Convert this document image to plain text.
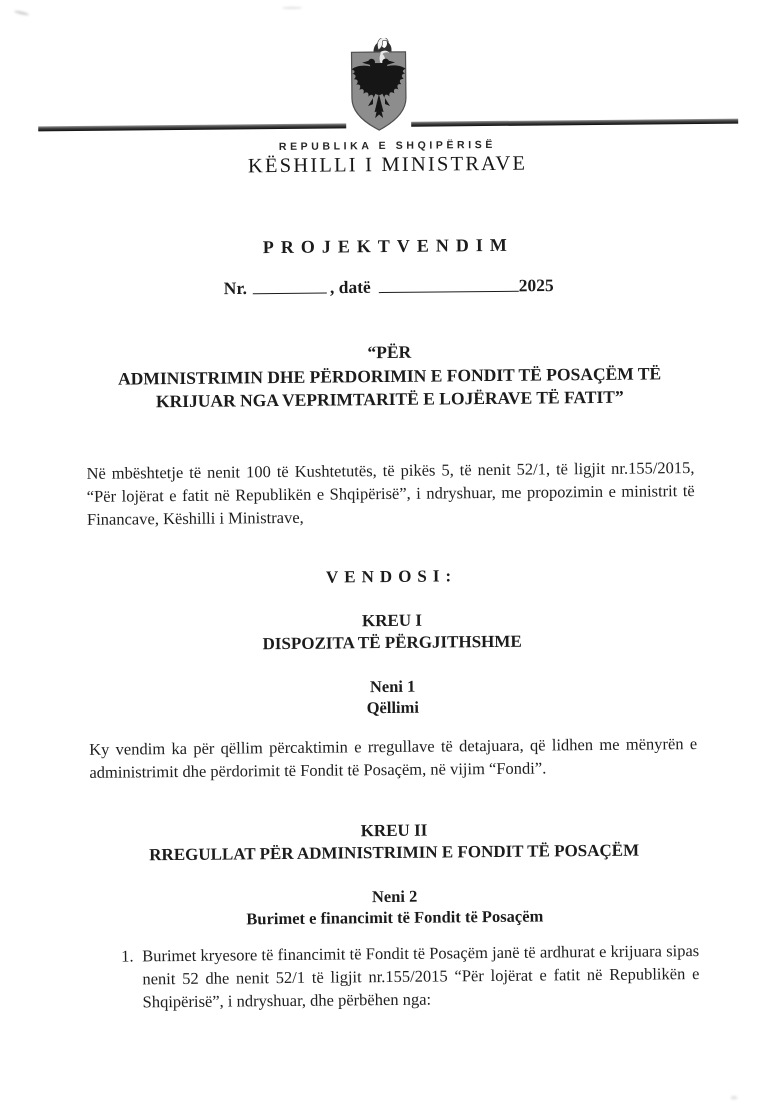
REPUBLIKA E SHQIPËRISË
KËSHILLI I MINISTRAVE
PROJEKTVENDIM
Nr.	, datë	2025
“PËR
ADMINISTRIMIN DHE PËRDORIMIN E FONDIT TË POSAÇËM TË
KRIJUAR NGA VEPRIMTARITË E LOJËRAVE TË FATIT”
Në mbështetje të nenit 100 të Kushtetutës, të pikës 5, të nenit 52/1, të ligjit nr.155/2015, “Për lojërat e fatit në Republikën e Shqipërisë”, i ndryshuar, me propozimin e ministrit të Financave, Këshilli i Ministrave,
VENDOSI:
KREU I
DISPOZITA TË PËRGJITHSHME
Neni 1
Qëllimi
Ky vendim ka për qëllim përcaktimin e rregullave të detajuara, që lidhen me mënyrën e administrimit dhe përdorimit të Fondit të Posaçëm, në vijim “Fondi”.
KREU II
RREGULLAT PËR ADMINISTRIMIN E FONDIT TË POSAÇËM
Neni 2
Burimet e financimit të Fondit të Posaçëm
1. Burimet kryesore të financimit të Fondit të Posaçëm janë të ardhurat e krijuara sipas nenit 52 dhe nenit 52/1 të ligjit nr.155/2015 “Për lojërat e fatit në Republikën e Shqipërisë”, i ndryshuar, dhe përbëhen nga:
